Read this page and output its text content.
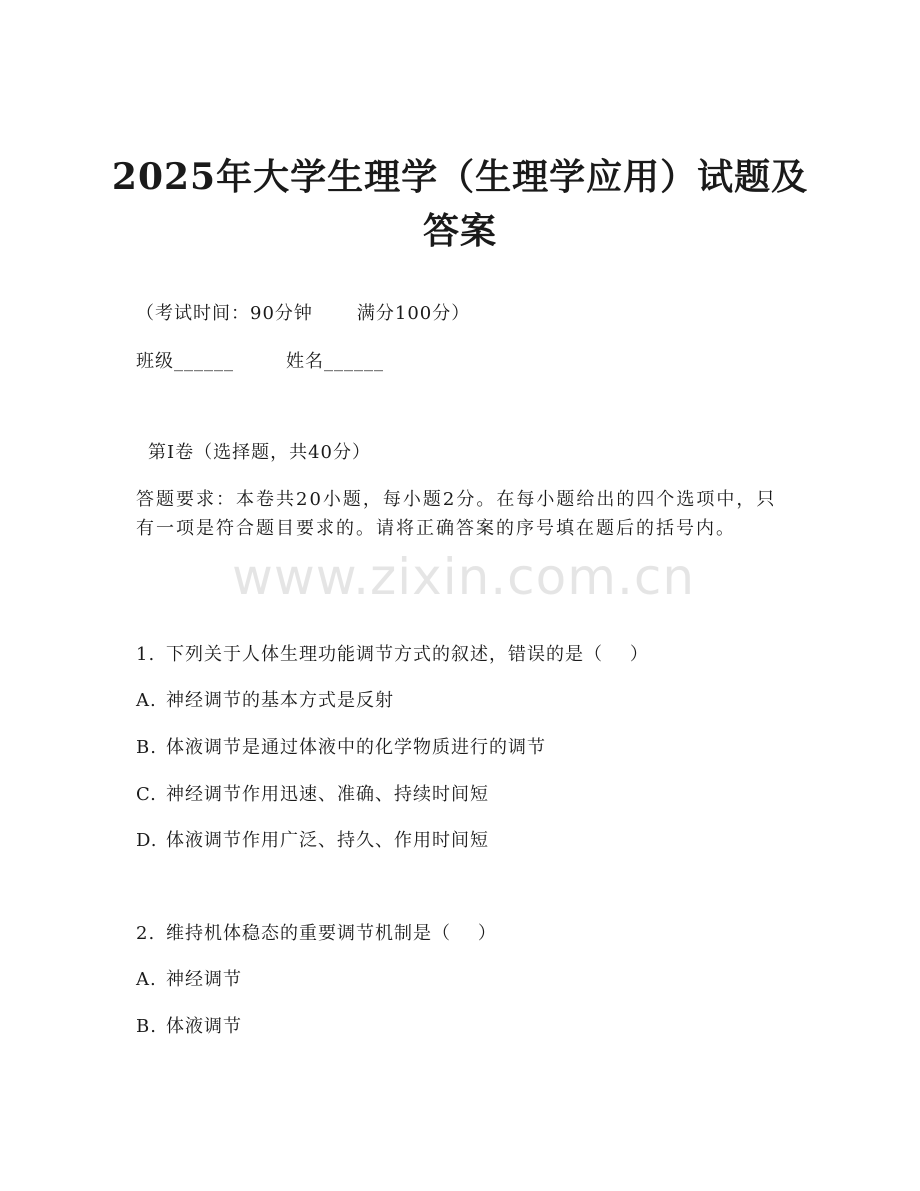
2025年大学生理学（生理学应用）试题及答案
（考试时间：90分钟 满分100分）
班级______	姓名______
第Ⅰ卷（选择题，共40分）
答题要求：本卷共20小题，每小题2分。在每小题给出的四个选项中，只有一项是符合题目要求的。请将正确答案的序号填在题后的括号内。
www.zixin.com.cn
1. 下列关于人体生理功能调节方式的叙述，错误的是（    ）
A. 神经调节的基本方式是反射
B. 体液调节是通过体液中的化学物质进行的调节
C. 神经调节作用迅速、准确、持续时间短
D. 体液调节作用广泛、持久、作用时间短
2. 维持机体稳态的重要调节机制是（    ）
A. 神经调节
B. 体液调节
